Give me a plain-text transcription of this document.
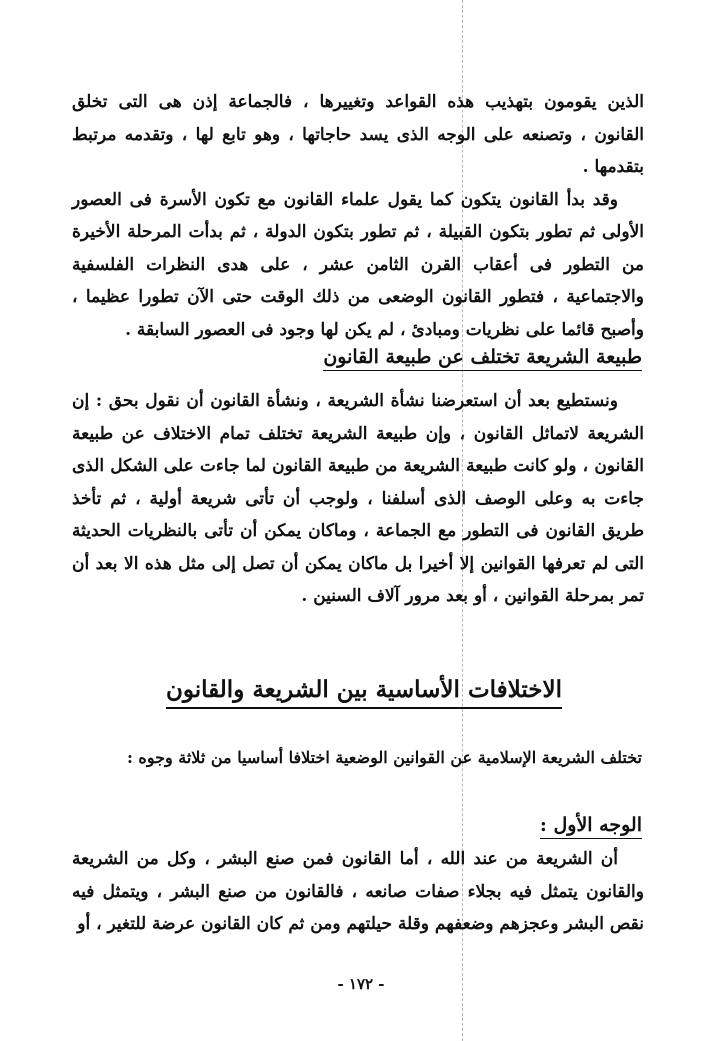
الذين يقومون بتهذيب هذه القواعد وتغييرها ، فالجماعة إذن هى التى تخلق القانون ، وتصنعه على الوجه الذى يسد حاجاتها ، وهو تابع لها ، وتقدمه مرتبط بتقدمها .
وقد بدأ القانون يتكون كما يقول علماء القانون مع تكون الأسرة فى العصور الأولى ثم تطور بتكون القبيلة ، ثم تطور بتكون الدولة ، ثم بدأت المرحلة الأخيرة من التطور فى أعقاب القرن الثامن عشر ، على هدى النظرات الفلسفية والاجتماعية ، فتطور القانون الوضعى من ذلك الوقت حتى الآن تطورا عظيما ، وأصبح قائما على نظريات ومبادئ ، لم يكن لها وجود فى العصور السابقة .

طبيعة الشريعة تختلف عن طبيعة القانون

ونستطيع بعد أن استعرضنا نشأة الشريعة ، ونشأة القانون أن نقول بحق : إن الشريعة لاتماثل القانون ، وإن طبيعة الشريعة تختلف تمام الاختلاف عن طبيعة القانون ، ولو كانت طبيعة الشريعة من طبيعة القانون لما جاءت على الشكل الذى جاءت به وعلى الوصف الذى أسلفنا ، ولوجب أن تأتى شريعة أولية ، ثم تأخذ طريق القانون فى التطور مع الجماعة ، وماكان يمكن أن تأتى بالنظريات الحديثة التى لم تعرفها القوانين إلا أخيرا بل ماكان يمكن أن تصل إلى مثل هذه الا بعد أن تمر بمرحلة القوانين ، أو بعد مرور آلاف السنين .

الاختلافات الأساسية بين الشريعة والقانون

تختلف الشريعة الإسلامية عن القوانين الوضعية اختلافا أساسيا من ثلاثة وجوه :

الوجه الأول :

أن الشريعة من عند الله ، أما القانون فمن صنع البشر ، وكل من الشريعة والقانون يتمثل فيه بجلاء صفات صانعه ، فالقانون من صنع البشر ، ويتمثل فيه نقص البشر وعجزهم وضعفهم وقلة حيلتهم ومن ثم كان القانون عرضة للتغير ، أو

- ١٧٢ -
